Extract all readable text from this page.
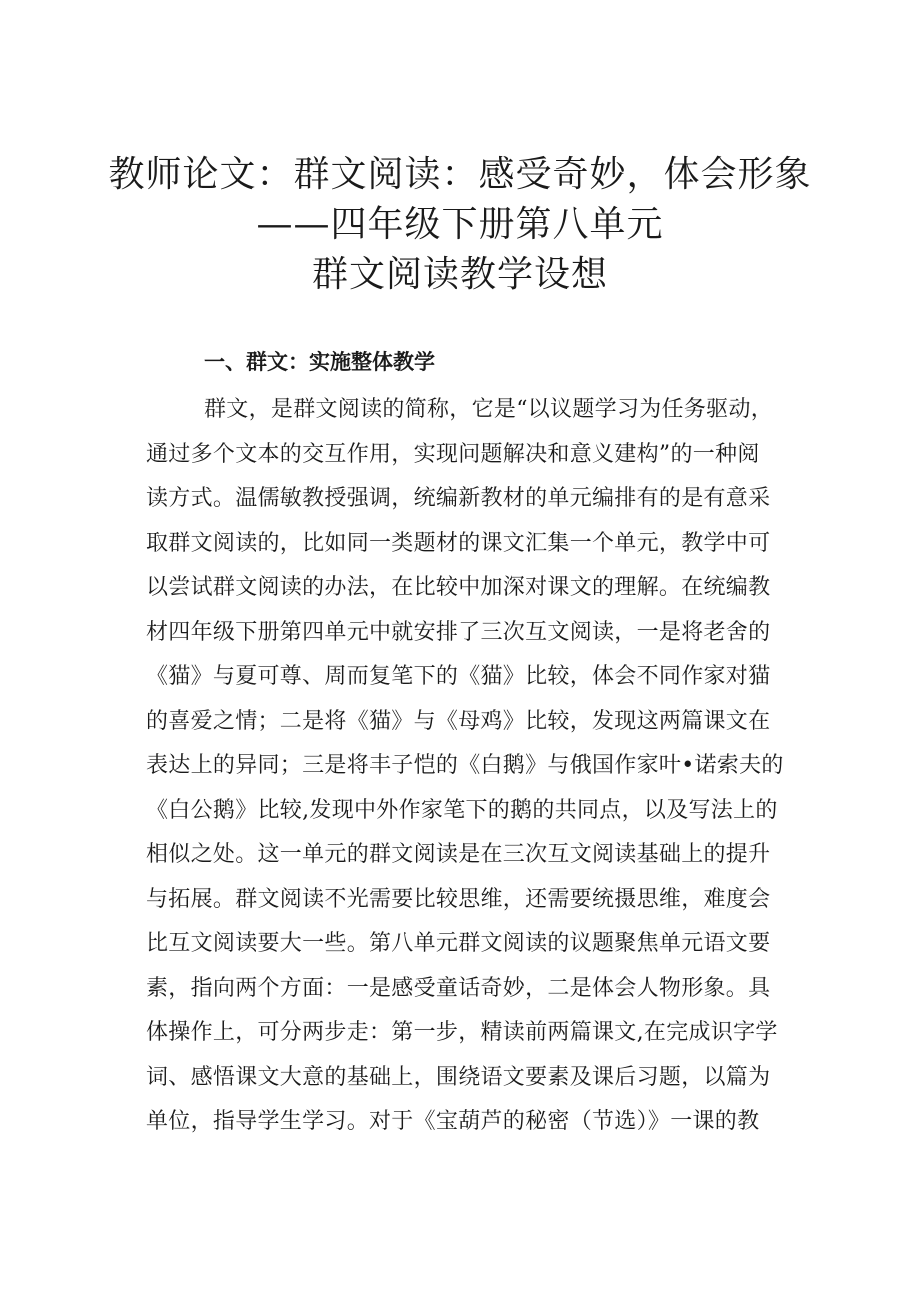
教师论文：群文阅读：感受奇妙，体会形象
——四年级下册第八单元
群文阅读教学设想
一、群文：实施整体教学
群文，是群文阅读的简称，它是“以议题学习为任务驱动，
通过多个文本的交互作用，实现问题解决和意义建构”的一种阅
读方式。温儒敏教授强调，统编新教材的单元编排有的是有意采
取群文阅读的，比如同一类题材的课文汇集一个单元，教学中可
以尝试群文阅读的办法，在比较中加深对课文的理解。在统编教
材四年级下册第四单元中就安排了三次互文阅读，一是将老舍的
《猫》与夏可尊、周而复笔下的《猫》比较，体会不同作家对猫
的喜爱之情；二是将《猫》与《母鸡》比较，发现这两篇课文在
表达上的异同；三是将丰子恺的《白鹅》与俄国作家叶•诺索夫的
《白公鹅》比较,发现中外作家笔下的鹅的共同点，以及写法上的
相似之处。这一单元的群文阅读是在三次互文阅读基础上的提升
与拓展。群文阅读不光需要比较思维，还需要统摄思维，难度会
比互文阅读要大一些。第八单元群文阅读的议题聚焦单元语文要
素，指向两个方面：一是感受童话奇妙，二是体会人物形象。具
体操作上，可分两步走：第一步，精读前两篇课文,在完成识字学
词、感悟课文大意的基础上，围绕语文要素及课后习题，以篇为
单位，指导学生学习。对于《宝葫芦的秘密（节选）》一课的教
